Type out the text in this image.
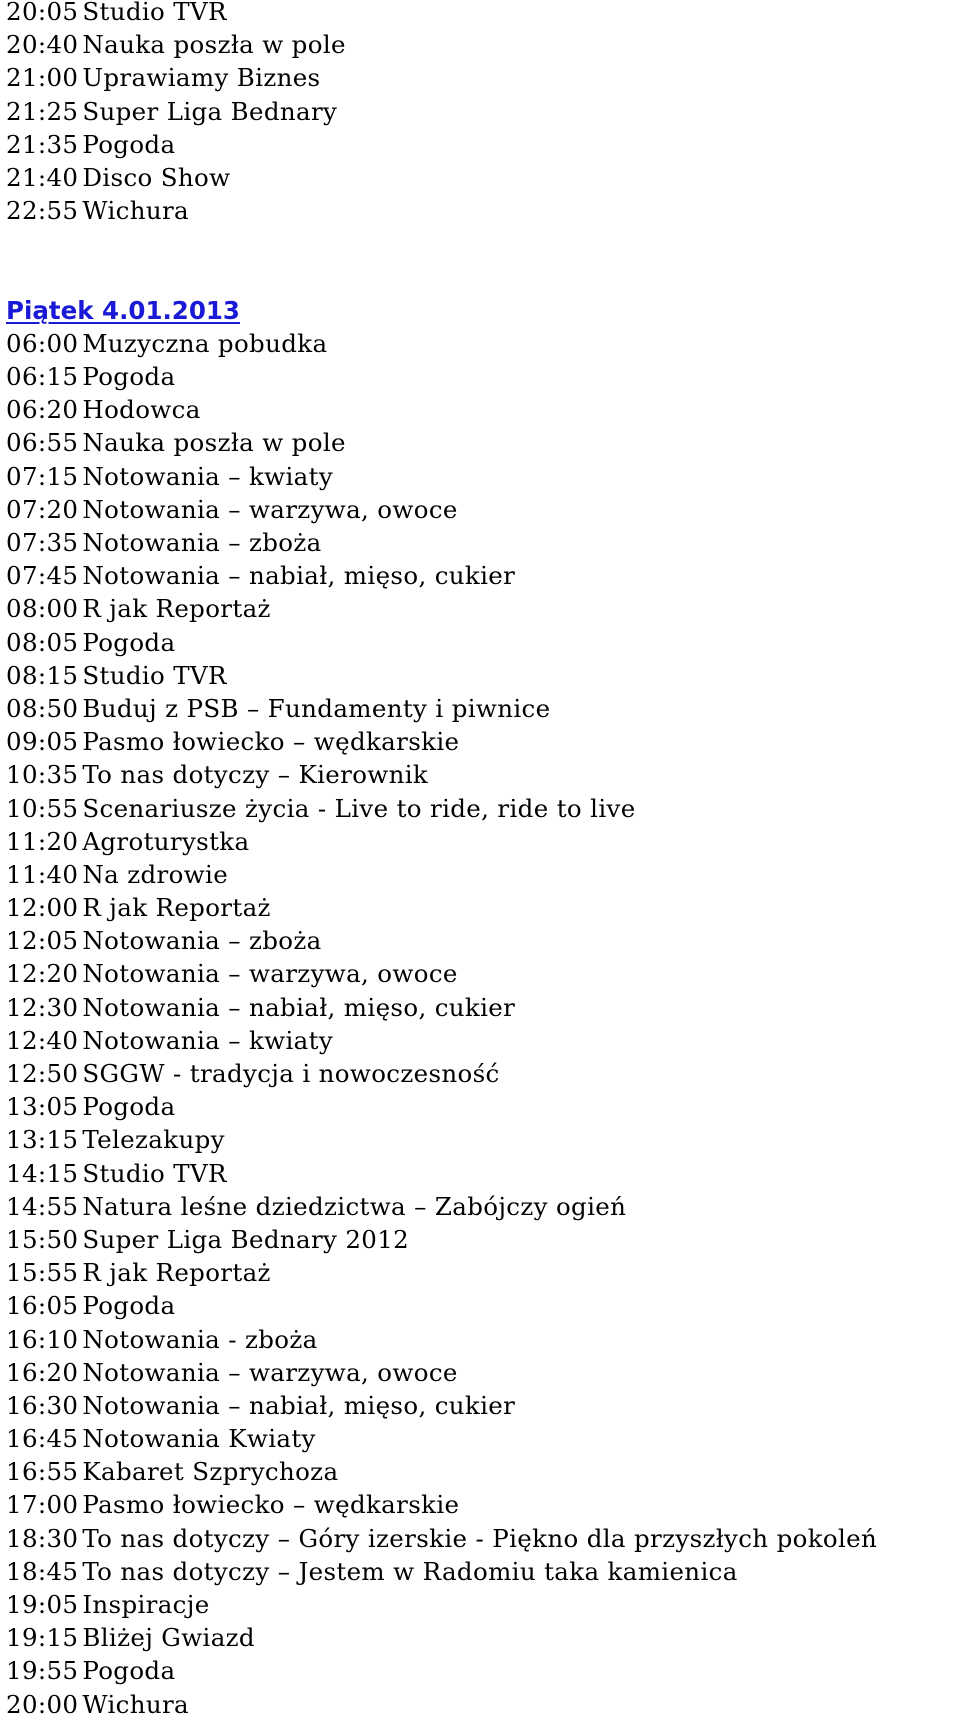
20:05 Studio TVR
20:40 Nauka poszła w pole
21:00 Uprawiamy Biznes
21:25 Super Liga Bednary
21:35 Pogoda
21:40 Disco Show
22:55 Wichura
Piątek 4.01.2013
06:00 Muzyczna pobudka
06:15 Pogoda
06:20 Hodowca
06:55 Nauka poszła w pole
07:15 Notowania – kwiaty
07:20 Notowania – warzywa, owoce
07:35 Notowania – zboża
07:45 Notowania – nabiał, mięso, cukier
08:00 R jak Reportaż
08:05 Pogoda
08:15 Studio TVR
08:50 Buduj z PSB – Fundamenty i piwnice
09:05 Pasmo łowiecko – wędkarskie
10:35 To nas dotyczy – Kierownik
10:55 Scenariusze życia - Live to ride, ride to live
11:20 Agroturystka
11:40 Na zdrowie
12:00 R jak Reportaż
12:05 Notowania – zboża
12:20 Notowania – warzywa, owoce
12:30 Notowania – nabiał, mięso, cukier
12:40 Notowania – kwiaty
12:50 SGGW - tradycja i nowoczesność
13:05 Pogoda
13:15 Telezakupy
14:15 Studio TVR
14:55 Natura leśne dziedzictwa – Zabójczy ogień
15:50 Super Liga Bednary 2012
15:55 R jak Reportaż
16:05 Pogoda
16:10 Notowania - zboża
16:20 Notowania – warzywa, owoce
16:30 Notowania – nabiał, mięso, cukier
16:45 Notowania Kwiaty
16:55 Kabaret Szprychoza
17:00 Pasmo łowiecko – wędkarskie
18:30 To nas dotyczy – Góry izerskie - Piękno dla przyszłych pokoleń
18:45 To nas dotyczy – Jestem w Radomiu taka kamienica
19:05 Inspiracje
19:15 Bliżej Gwiazd
19:55 Pogoda
20:00 Wichura
